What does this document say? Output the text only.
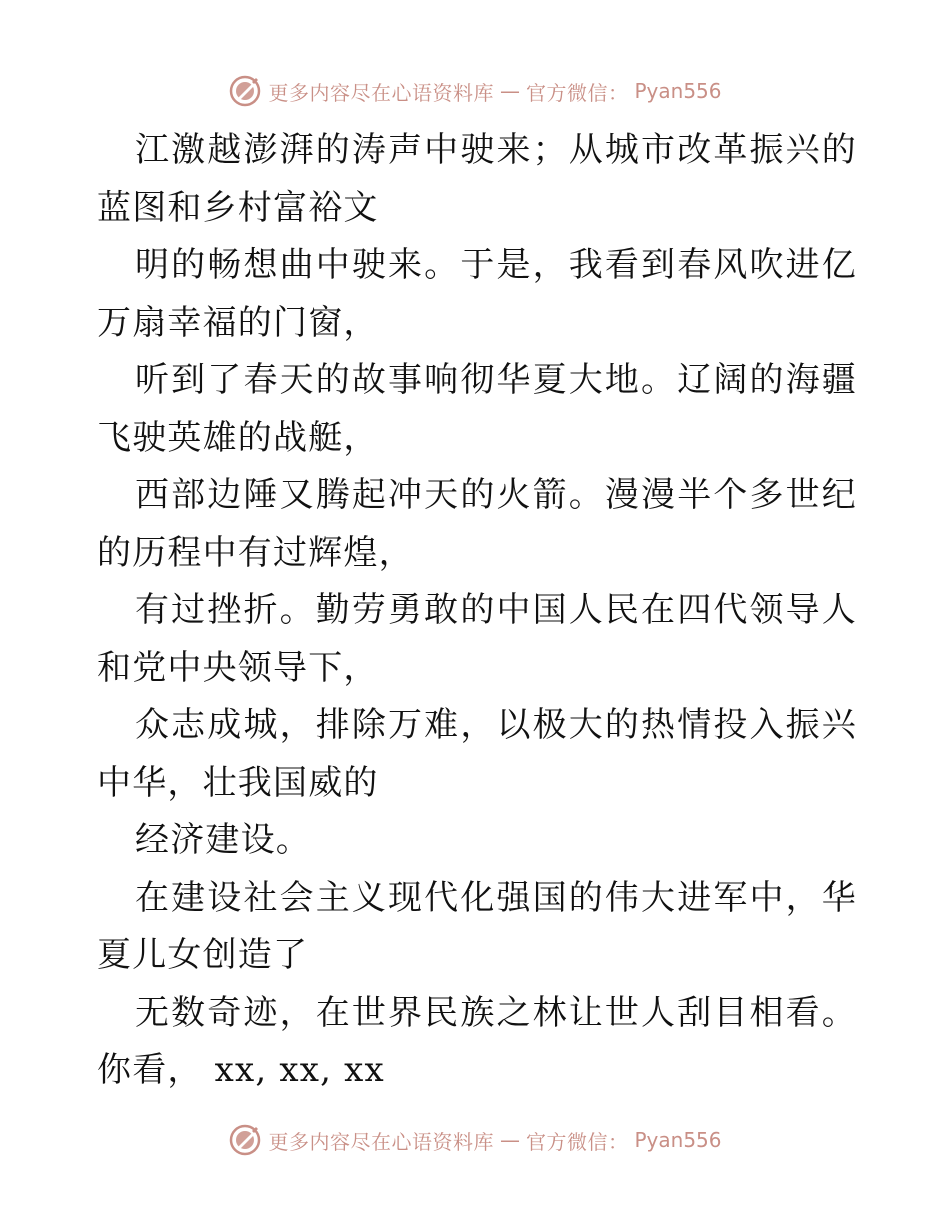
更多内容尽在心语资料库 — 官方微信： Pyan556

江激越澎湃的涛声中驶来；从城市改革振兴的蓝图和乡村富裕文

明的畅想曲中驶来。于是，我看到春风吹进亿万扇幸福的门窗，

听到了春天的故事响彻华夏大地。辽阔的海疆飞驶英雄的战艇，

西部边陲又腾起冲天的火箭。漫漫半个多世纪的历程中有过辉煌，

有过挫折。勤劳勇敢的中国人民在四代领导人和党中央领导下，

众志成城，排除万难，以极大的热情投入振兴中华，壮我国威的

经济建设。

在建设社会主义现代化强国的伟大进军中，华夏儿女创造了

无数奇迹，在世界民族之林让世人刮目相看。你看， xx, xx, xx

更多内容尽在心语资料库 — 官方微信： Pyan556
